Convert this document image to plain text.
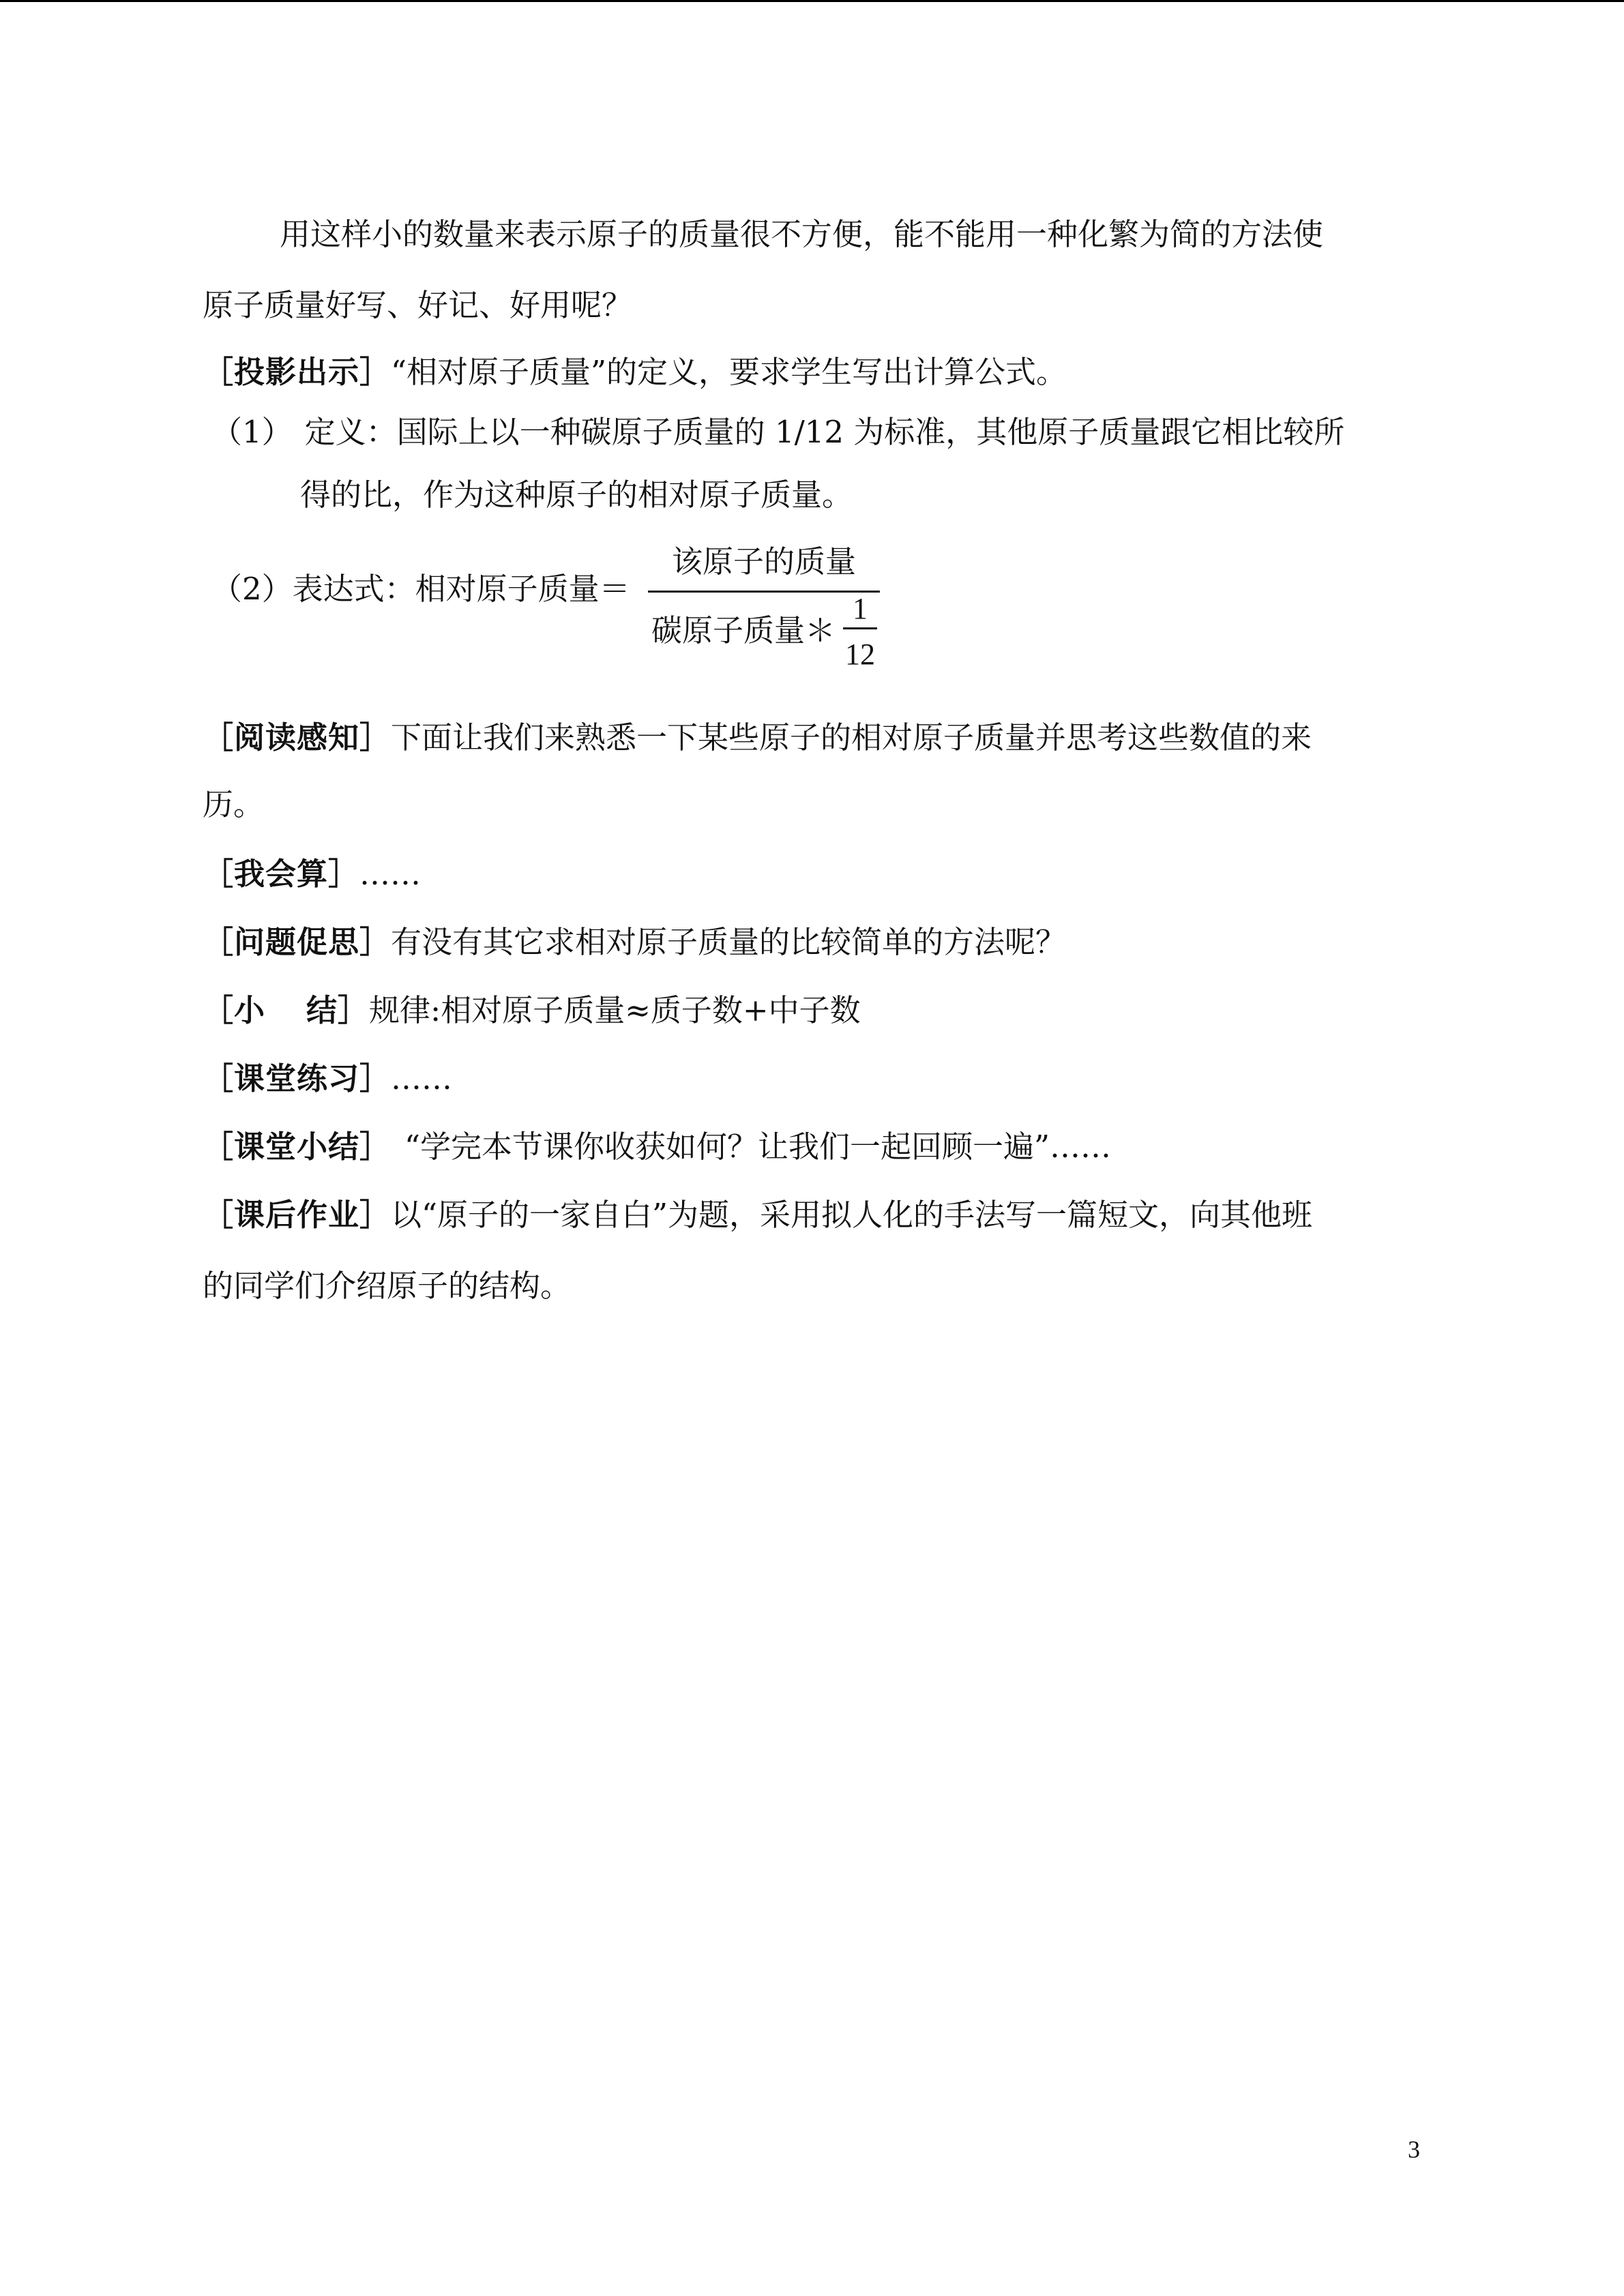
用这样小的数量来表示原子的质量很不方便，能不能用一种化繁为简的方法使
原子质量好写、好记、好用呢？
［投影出示］“相对原子质量”的定义，要求学生写出计算公式。
（1） 定义：国际上以一种碳原子质量的 1/12 为标准，其他原子质量跟它相比较所
得的比，作为这种原子的相对原子质量。
（2）表达式：相对原子质量＝
该原子的质量
碳原子质量＊
1
12
［阅读感知］下面让我们来熟悉一下某些原子的相对原子质量并思考这些数值的来
历。
［我会算］……
［问题促思］有没有其它求相对原子质量的比较简单的方法呢？
［小 结］规律:相对原子质量≈质子数+中子数
［课堂练习］……
［课堂小结］ “学完本节课你收获如何？让我们一起回顾一遍”……
［课后作业］以“原子的一家自白”为题，采用拟人化的手法写一篇短文，向其他班
的同学们介绍原子的结构。
3
